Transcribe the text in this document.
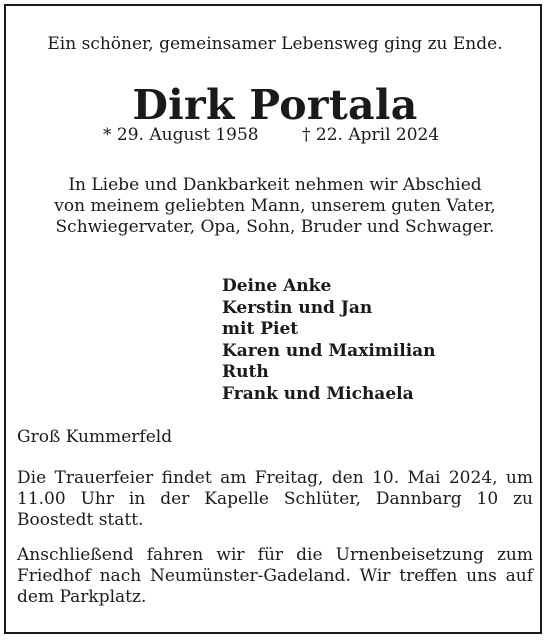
Ein schöner, gemeinsamer Lebensweg ging zu Ende.
Dirk Portala
* 29. August 1958	† 22. April 2024
In Liebe und Dankbarkeit nehmen wir Abschied
von meinem geliebten Mann, unserem guten Vater,
Schwiegervater, Opa, Sohn, Bruder und Schwager.
Deine Anke
Kerstin und Jan
mit Piet
Karen und Maximilian
Ruth
Frank und Michaela
Groß Kummerfeld
Die Trauerfeier findet am Freitag, den 10. Mai 2024, um 11.00 Uhr in der Kapelle Schlüter, Dannbarg 10 zu Boostedt statt.
Anschließend fahren wir für die Urnenbeisetzung zum Friedhof nach Neumünster-Gadeland. Wir treffen uns auf dem Parkplatz.
